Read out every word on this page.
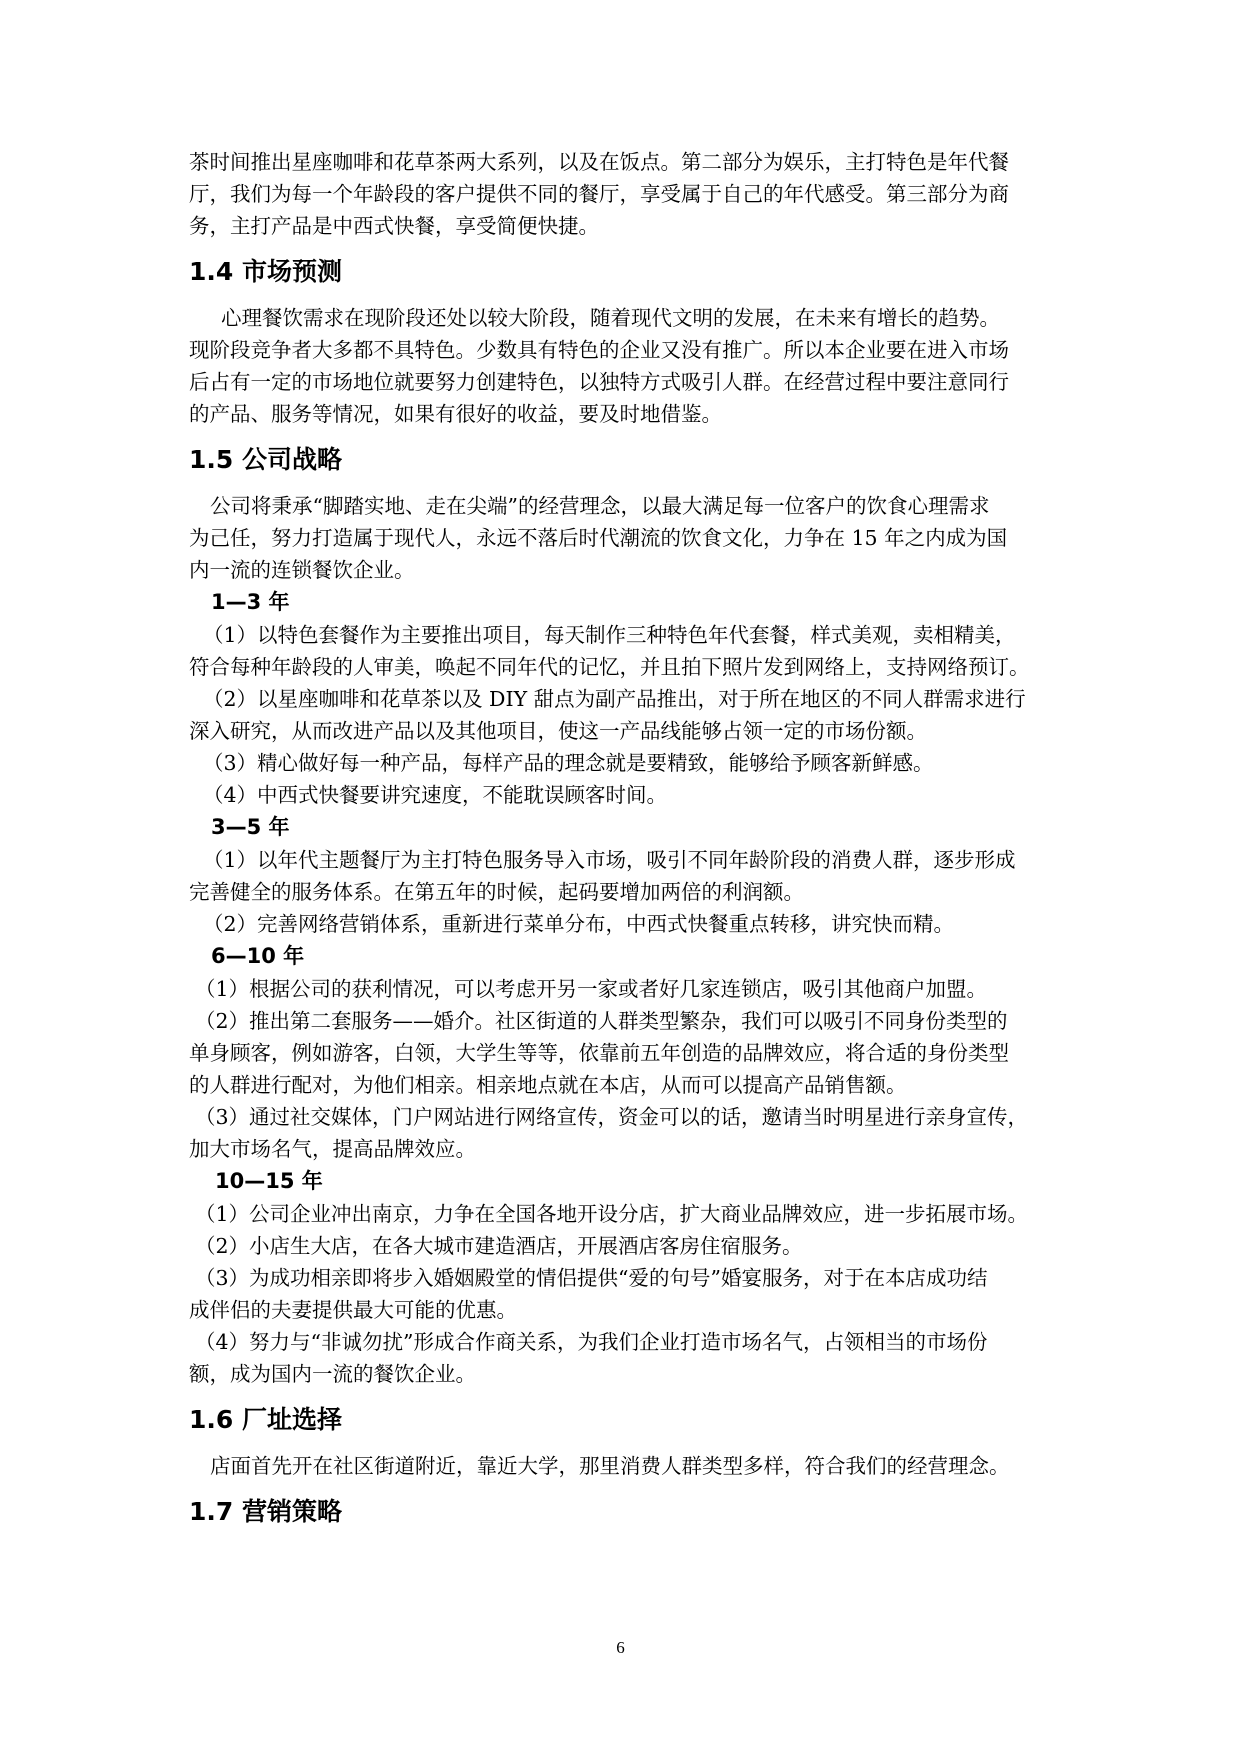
茶时间推出星座咖啡和花草茶两大系列，以及在饭点。第二部分为娱乐，主打特色是年代餐
厅，我们为每一个年龄段的客户提供不同的餐厅，享受属于自己的年代感受。第三部分为商
务，主打产品是中西式快餐，享受简便快捷。
1.4 市场预测
心理餐饮需求在现阶段还处以较大阶段，随着现代文明的发展，在未来有增长的趋势。
现阶段竞争者大多都不具特色。少数具有特色的企业又没有推广。所以本企业要在进入市场
后占有一定的市场地位就要努力创建特色，以独特方式吸引人群。在经营过程中要注意同行
的产品、服务等情况，如果有很好的收益，要及时地借鉴。
1.5 公司战略
公司将秉承“脚踏实地、走在尖端”的经营理念，以最大满足每一位客户的饮食心理需求
为己任，努力打造属于现代人，永远不落后时代潮流的饮食文化，力争在 15 年之内成为国
内一流的连锁餐饮企业。
1—3 年
（1）以特色套餐作为主要推出项目，每天制作三种特色年代套餐，样式美观，卖相精美，
符合每种年龄段的人审美，唤起不同年代的记忆，并且拍下照片发到网络上，支持网络预订。
（2）以星座咖啡和花草茶以及 DIY 甜点为副产品推出，对于所在地区的不同人群需求进行
深入研究，从而改进产品以及其他项目，使这一产品线能够占领一定的市场份额。
（3）精心做好每一种产品，每样产品的理念就是要精致，能够给予顾客新鲜感。
（4）中西式快餐要讲究速度，不能耽误顾客时间。
3—5 年
（1）以年代主题餐厅为主打特色服务导入市场，吸引不同年龄阶段的消费人群，逐步形成
完善健全的服务体系。在第五年的时候，起码要增加两倍的利润额。
（2）完善网络营销体系，重新进行菜单分布，中西式快餐重点转移，讲究快而精。
6—10 年
（1）根据公司的获利情况，可以考虑开另一家或者好几家连锁店，吸引其他商户加盟。
（2）推出第二套服务——婚介。社区街道的人群类型繁杂，我们可以吸引不同身份类型的
单身顾客，例如游客，白领，大学生等等，依靠前五年创造的品牌效应，将合适的身份类型
的人群进行配对，为他们相亲。相亲地点就在本店，从而可以提高产品销售额。
（3）通过社交媒体，门户网站进行网络宣传，资金可以的话，邀请当时明星进行亲身宣传，
加大市场名气，提高品牌效应。
10—15 年
（1）公司企业冲出南京，力争在全国各地开设分店，扩大商业品牌效应，进一步拓展市场。
（2）小店生大店，在各大城市建造酒店，开展酒店客房住宿服务。
（3）为成功相亲即将步入婚姻殿堂的情侣提供“爱的句号”婚宴服务，对于在本店成功结
成伴侣的夫妻提供最大可能的优惠。
（4）努力与“非诚勿扰”形成合作商关系，为我们企业打造市场名气，占领相当的市场份
额，成为国内一流的餐饮企业。
1.6 厂址选择
店面首先开在社区街道附近，靠近大学，那里消费人群类型多样，符合我们的经营理念。
1.7 营销策略
6
